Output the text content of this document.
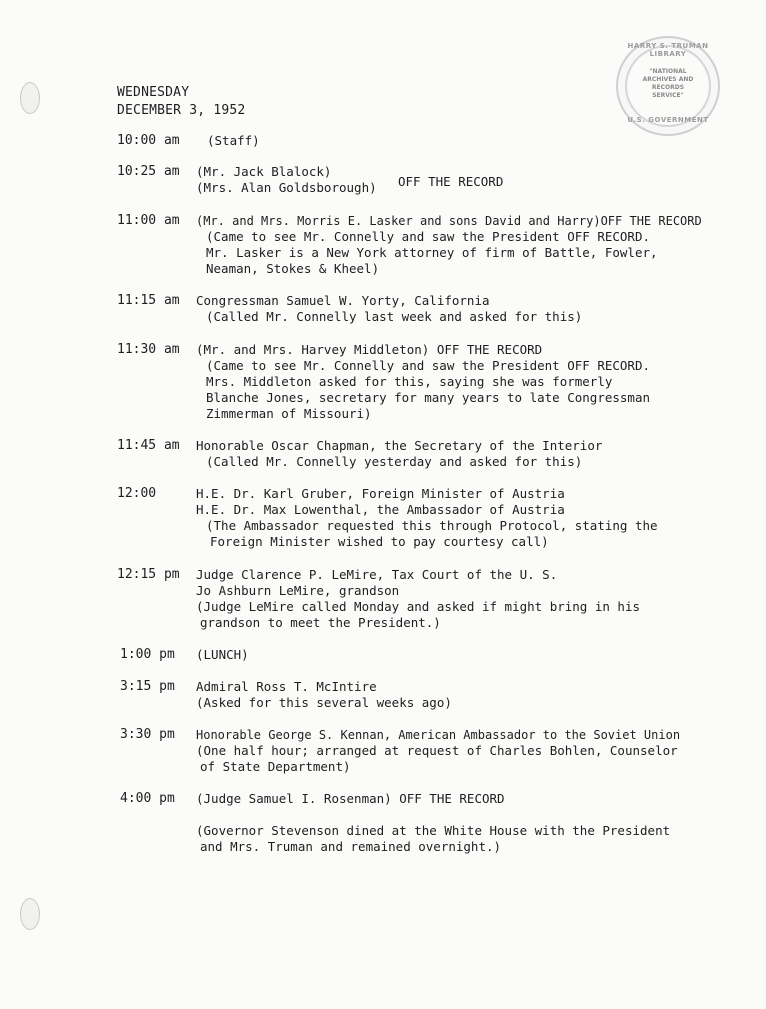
HARRY S. TRUMAN LIBRARY
"NATIONAL ARCHIVES AND RECORDS SERVICE"
U.S. GOVERNMENT
WEDNESDAY
DECEMBER 3, 1952
10:00 am	(Staff)
10:25 am	(Mr. Jack Blalock)
(Mrs. Alan Goldsborough) OFF THE RECORD
11:00 am	(Mr. and Mrs. Morris E. Lasker and sons David and Harry)OFF THE RECORD
(Came to see Mr. Connelly and saw the President OFF RECORD.
Mr. Lasker is a New York attorney of firm of Battle, Fowler,
Neaman, Stokes & Kheel)
11:15 am	Congressman Samuel W. Yorty, California
(Called Mr. Connelly last week and asked for this)
11:30 am	(Mr. and Mrs. Harvey Middleton) OFF THE RECORD
(Came to see Mr. Connelly and saw the President OFF RECORD.
Mrs. Middleton asked for this, saying she was formerly
Blanche Jones, secretary for many years to late Congressman
Zimmerman of Missouri)
11:45 am	Honorable Oscar Chapman, the Secretary of the Interior
(Called Mr. Connelly yesterday and asked for this)
12:00	H.E. Dr. Karl Gruber, Foreign Minister of Austria
H.E. Dr. Max Lowenthal, the Ambassador of Austria
(The Ambassador requested this through Protocol, stating the
Foreign Minister wished to pay courtesy call)
12:15 pm	Judge Clarence P. LeMire, Tax Court of the U. S.
Jo Ashburn LeMire, grandson
(Judge LeMire called Monday and asked if might bring in his
grandson to meet the President.)
1:00 pm	(LUNCH)
3:15 pm	Admiral Ross T. McIntire
(Asked for this several weeks ago)
3:30 pm	Honorable George S. Kennan, American Ambassador to the Soviet Union
(One half hour; arranged at request of Charles Bohlen, Counselor
of State Department)
4:00 pm	(Judge Samuel I. Rosenman) OFF THE RECORD
(Governor Stevenson dined at the White House with the President
and Mrs. Truman and remained overnight.)
